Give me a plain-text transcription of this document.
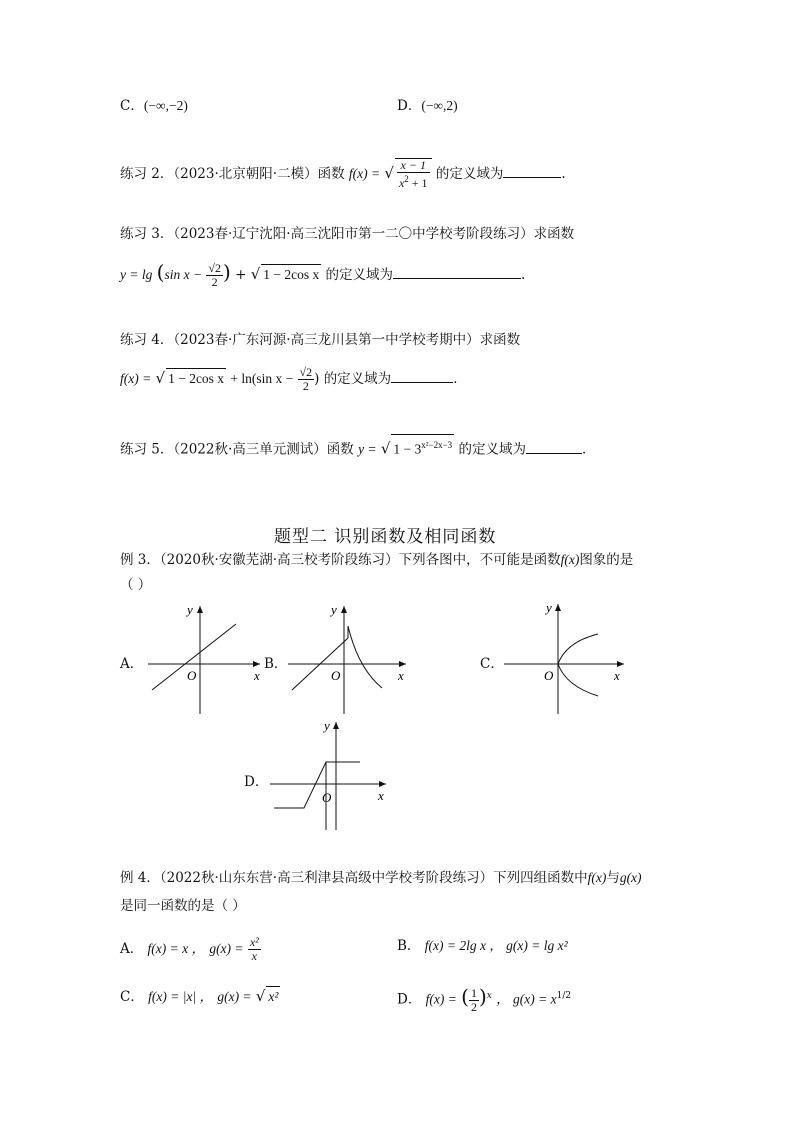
C．(−∞,−2)	D．(−∞,2)
练习 2．（2023·北京朝阳·二模）函数 f(x) = √ $\frac{x - 1}{x^2 + 1}$ 的定义域为	.
练习 3．（2023春·辽宁沈阳·高三沈阳市第一二〇中学校考阶段练习）求函数
y = lg (sin $x - \frac{√2}{2}$ ) + √ 1 − 2cos x 的定义域为	.
练习 4．（2023春·广东河源·高三龙川县第一中学校考期中）求函数
f(x) = √ 1 − 2cos x + ln(sin $x - \frac{√2}{2}$ ) 的定义域为	．
练习 5．（2022秋·高三单元测试）函数 y = √ $1 - 3^{x^2-2x-3}$ 的定义域为	．
题型二 识别函数及相同函数
例 3．（2020秋·安徽芜湖·高三校考阶段练习）下列各图中，不可能是函数f(x)图象的是
（ ）
A．	B．	C．
D．
O	x
y
O	x
y
O	x
y
O	x
y
例 4．（2022秋·山东东营·高三利津县高级中学校考阶段练习）下列四组函数中f(x)与g(x)
是同一函数的是（ ）
A． f(x) = x ， $g(x) = \frac{\text{x²}}{x}$	B． f(x) = 2lg x ， g(x) = lg x²
C． f(x) = |x| ， g(x) = √ x²	D． f(x) = ( $\frac{1}{2} )^x$ ， $g(x) = x^{1/2}$
